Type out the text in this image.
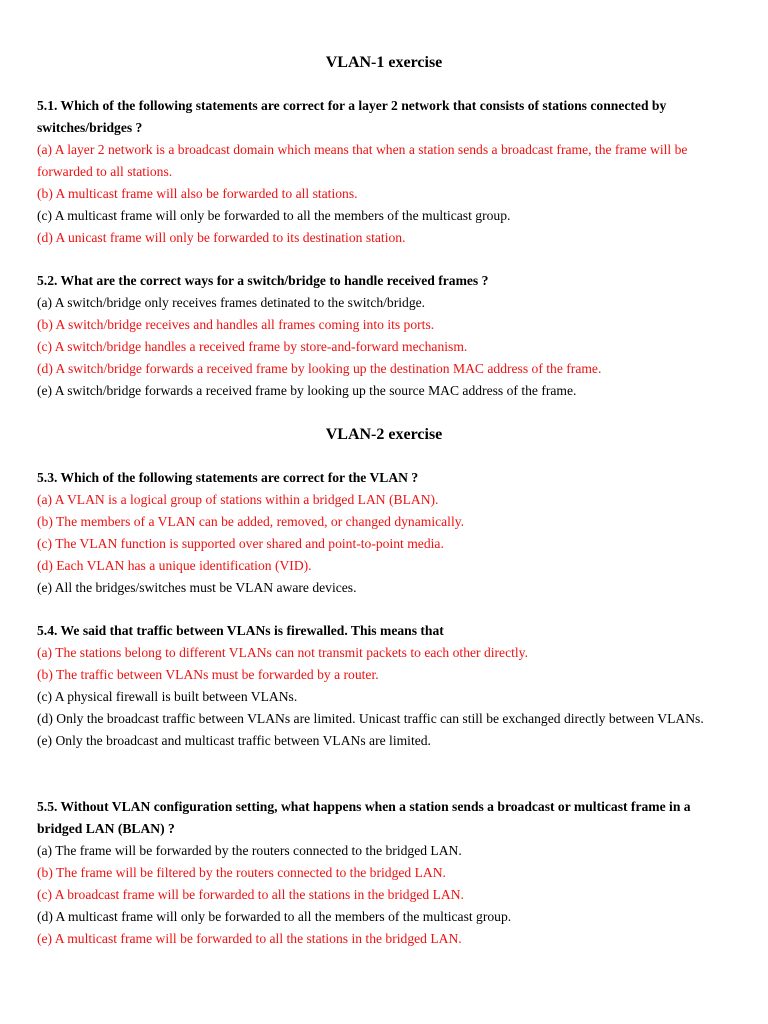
VLAN-1 exercise

5.1. Which of the following statements are correct for a layer 2 network that consists of stations connected by switches/bridges ?

(a) A layer 2 network is a broadcast domain which means that when a station sends a broadcast frame, the frame will be forwarded to all stations.

(b) A multicast frame will also be forwarded to all stations.

(c) A multicast frame will only be forwarded to all the members of the multicast group.

(d) A unicast frame will only be forwarded to its destination station.

5.2. What are the correct ways for a switch/bridge to handle received frames ?

(a) A switch/bridge only receives frames detinated to the switch/bridge.

(b) A switch/bridge receives and handles all frames coming into its ports.

(c) A switch/bridge handles a received frame by store-and-forward mechanism.

(d) A switch/bridge forwards a received frame by looking up the destination MAC address of the frame.

(e) A switch/bridge forwards a received frame by looking up the source MAC address of the frame.

VLAN-2 exercise

5.3. Which of the following statements are correct for the VLAN ?

(a) A VLAN is a logical group of stations within a bridged LAN (BLAN).

(b) The members of a VLAN can be added, removed, or changed dynamically.

(c) The VLAN function is supported over shared and point-to-point media.

(d) Each VLAN has a unique identification (VID).

(e) All the bridges/switches must be VLAN aware devices.

5.4. We said that traffic between VLANs is firewalled. This means that

(a) The stations belong to different VLANs can not transmit packets to each other directly.

(b) The traffic between VLANs must be forwarded by a router.

(c) A physical firewall is built between VLANs.

(d) Only the broadcast traffic between VLANs are limited. Unicast traffic can still be exchanged directly between VLANs.

(e) Only the broadcast and multicast traffic between VLANs are limited.

5.5. Without VLAN configuration setting, what happens when a station sends a broadcast or multicast frame in a bridged LAN (BLAN) ?

(a) The frame will be forwarded by the routers connected to the bridged LAN.

(b) The frame will be filtered by the routers connected to the bridged LAN.

(c) A broadcast frame will be forwarded to all the stations in the bridged LAN.

(d) A multicast frame will only be forwarded to all the members of the multicast group.

(e) A multicast frame will be forwarded to all the stations in the bridged LAN.
